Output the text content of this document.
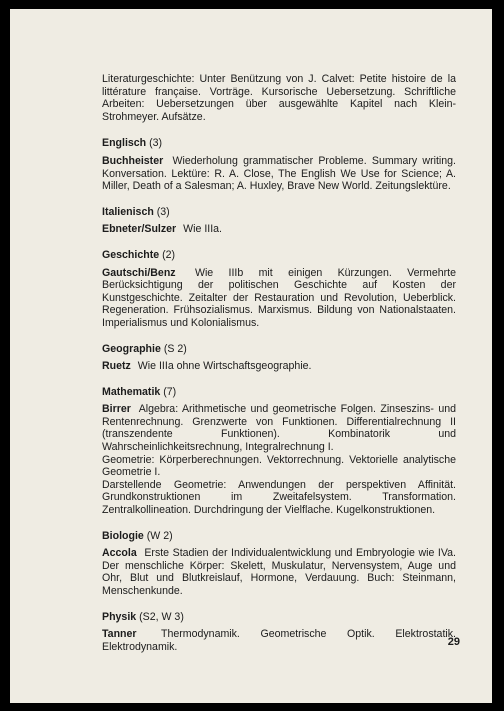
Literaturgeschichte: Unter Benützung von J. Calvet: Petite histoire de la littérature française. Vorträge. Kursorische Uebersetzung. Schriftliche Arbeiten: Uebersetzungen über ausgewählte Kapitel nach Klein-Strohmeyer. Aufsätze.

Englisch (3)

Buchheister Wiederholung grammatischer Probleme. Summary writing. Konversation. Lektüre: R. A. Close, The English We Use for Science; A. Miller, Death of a Salesman; A. Huxley, Brave New World. Zeitungslektüre.

Italienisch (3)

Ebneter/Sulzer Wie IIIa.

Geschichte (2)

Gautschi/Benz Wie IIIb mit einigen Kürzungen. Vermehrte Berücksichtigung der politischen Geschichte auf Kosten der Kunstgeschichte. Zeitalter der Restauration und Revolution, Ueberblick. Regeneration. Frühsozialismus. Marxismus. Bildung von Nationalstaaten. Imperialismus und Kolonialismus.

Geographie (S 2)

Ruetz Wie IIIa ohne Wirtschaftsgeographie.

Mathematik (7)

Birrer Algebra: Arithmetische und geometrische Folgen. Zinseszins- und Rentenrechnung. Grenzwerte von Funktionen. Differentialrechnung II (transzendente Funktionen). Kombinatorik und Wahrscheinlichkeitsrechnung, Integralrechnung I.

Geometrie: Körperberechnungen. Vektorrechnung. Vektorielle analytische Geometrie I.

Darstellende Geometrie: Anwendungen der perspektiven Affinität. Grundkonstruktionen im Zweitafelsystem. Transformation. Zentralkollineation. Durchdringung der Vielflache. Kugelkonstruktionen.

Biologie (W 2)

Accola Erste Stadien der Individualentwicklung und Embryologie wie IVa. Der menschliche Körper: Skelett, Muskulatur, Nervensystem, Auge und Ohr, Blut und Blutkreislauf, Hormone, Verdauung. Buch: Steinmann, Menschenkunde.

Physik (S2, W 3)

Tanner Thermodynamik. Geometrische Optik. Elektrostatik. Elektrodynamik.	29
